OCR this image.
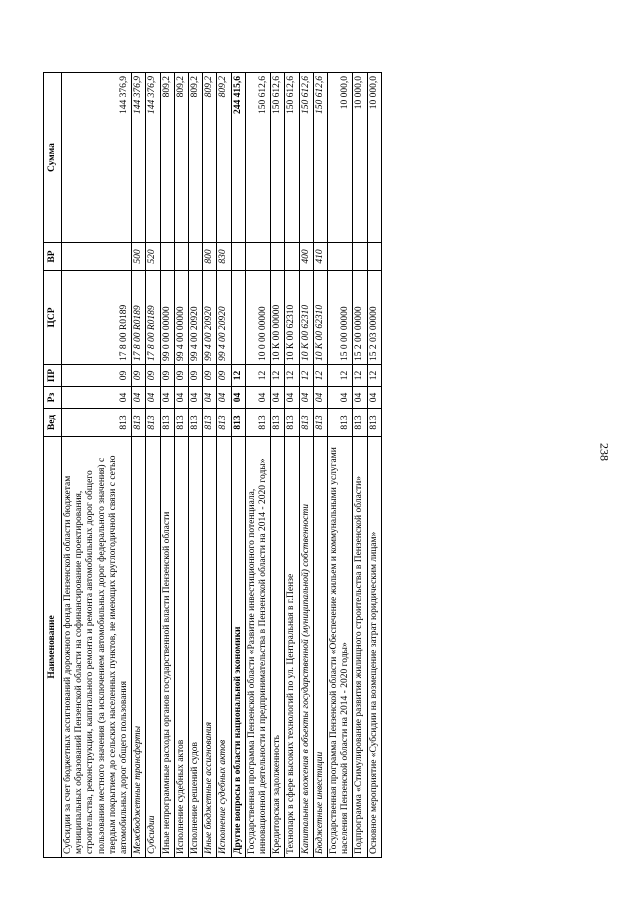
238
Наименование	Вед	Рз	ПР	ЦСР	ВР	Сумма
Субсидии за счет бюджетных ассигнований дорожного фонда Пензенской области бюджетам муниципальных образований Пензенской области на софинансирование проектирования, строительства, реконструкции, капитального ремонта и ремонта автомобильных дорог общего пользования местного значения (за исключением автомобильных дорог федерального значения) с твердым покрытием до сельских населенных пунктов, не имеющих круглогодичной связи с сетью автомобильных дорог общего пользования	813	04	09	17 8 00 R0189		144 376,9
Межбюджетные трансферты	813	04	09	17 8 00 R0189	500	144 376,9
Субсидии	813	04	09	17 8 00 R0189	520	144 376,9
Иные непрограммные расходы органов государственной власти Пензенской области	813	04	09	99 0 00 00000		809,2
Исполнение судебных актов	813	04	09	99 4 00 00000		809,2
Исполнение решений судов	813	04	09	99 4 00 20920		809,2
Иные бюджетные ассигнования	813	04	09	99 4 00 20920	800	809,2
Исполнение судебных актов	813	04	09	99 4 00 20920	830	809,2
Другие вопросы в области национальной экономики	813	04	12			244 415,6
Государственная программа Пензенской области «Развитие инвестиционного потенциала, инновационной деятельности и предпринимательства в Пензенской области на 2014 - 2020 годы»	813	04	12	10 0 00 00000		150 612,6
Кредиторская задолженность	813	04	12	10 К 00 00000		150 612,6
Технопарк в сфере высоких технологий по ул. Центральная в г.Пензе	813	04	12	10 К 00 62310		150 612,6
Капитальные вложения в объекты государственной (муниципальной) собственности	813	04	12	10 К 00 62310	400	150 612,6
Бюджетные инвестиции	813	04	12	10 К 00 62310	410	150 612,6
Государственная программа Пензенской области «Обеспечение жильем и коммунальными услугами населения Пензенской области на 2014 - 2020 годы»	813	04	12	15 0 00 00000		10 000,0
Подпрограмма «Стимулирование развития жилищного строительства в Пензенской области»	813	04	12	15 2 00 00000		10 000,0
Основное мероприятие «Субсидии на возмещение затрат юридическим лицам»	813	04	12	15 2 03 00000		10 000,0
